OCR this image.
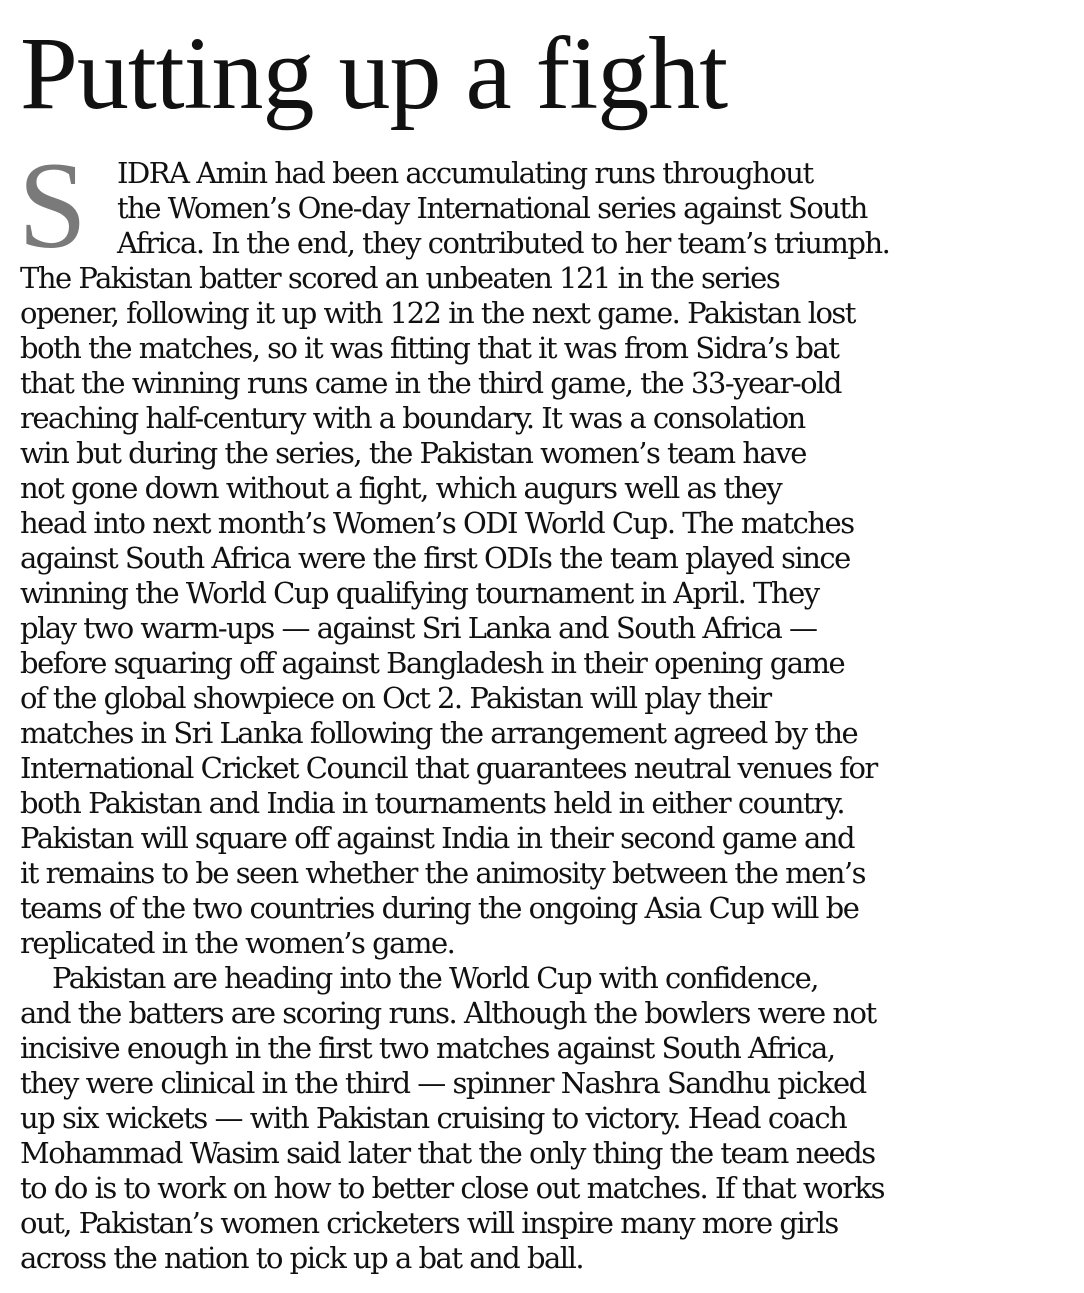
Putting up a fight
S IDRA Amin had been accumulating runs throughout
the Women’s One-day International series against South
Africa. In the end, they contributed to her team’s triumph.
The Pakistan batter scored an unbeaten 121 in the series
opener, following it up with 122 in the next game. Pakistan lost
both the matches, so it was fitting that it was from Sidra’s bat
that the winning runs came in the third game, the 33-year-old
reaching half-century with a boundary. It was a consolation
win but during the series, the Pakistan women’s team have
not gone down without a fight, which augurs well as they
head into next month’s Women’s ODI World Cup. The matches
against South Africa were the first ODIs the team played since
winning the World Cup qualifying tournament in April. They
play two warm-ups — against Sri Lanka and South Africa —
before squaring off against Bangladesh in their opening game
of the global showpiece on Oct 2. Pakistan will play their
matches in Sri Lanka following the arrangement agreed by the
International Cricket Council that guarantees neutral venues for
both Pakistan and India in tournaments held in either country.
Pakistan will square off against India in their second game and
it remains to be seen whether the animosity between the men’s
teams of the two countries during the ongoing Asia Cup will be
replicated in the women’s game.
Pakistan are heading into the World Cup with confidence,
and the batters are scoring runs. Although the bowlers were not
incisive enough in the first two matches against South Africa,
they were clinical in the third — spinner Nashra Sandhu picked
up six wickets — with Pakistan cruising to victory. Head coach
Mohammad Wasim said later that the only thing the team needs
to do is to work on how to better close out matches. If that works
out, Pakistan’s women cricketers will inspire many more girls
across the nation to pick up a bat and ball.
